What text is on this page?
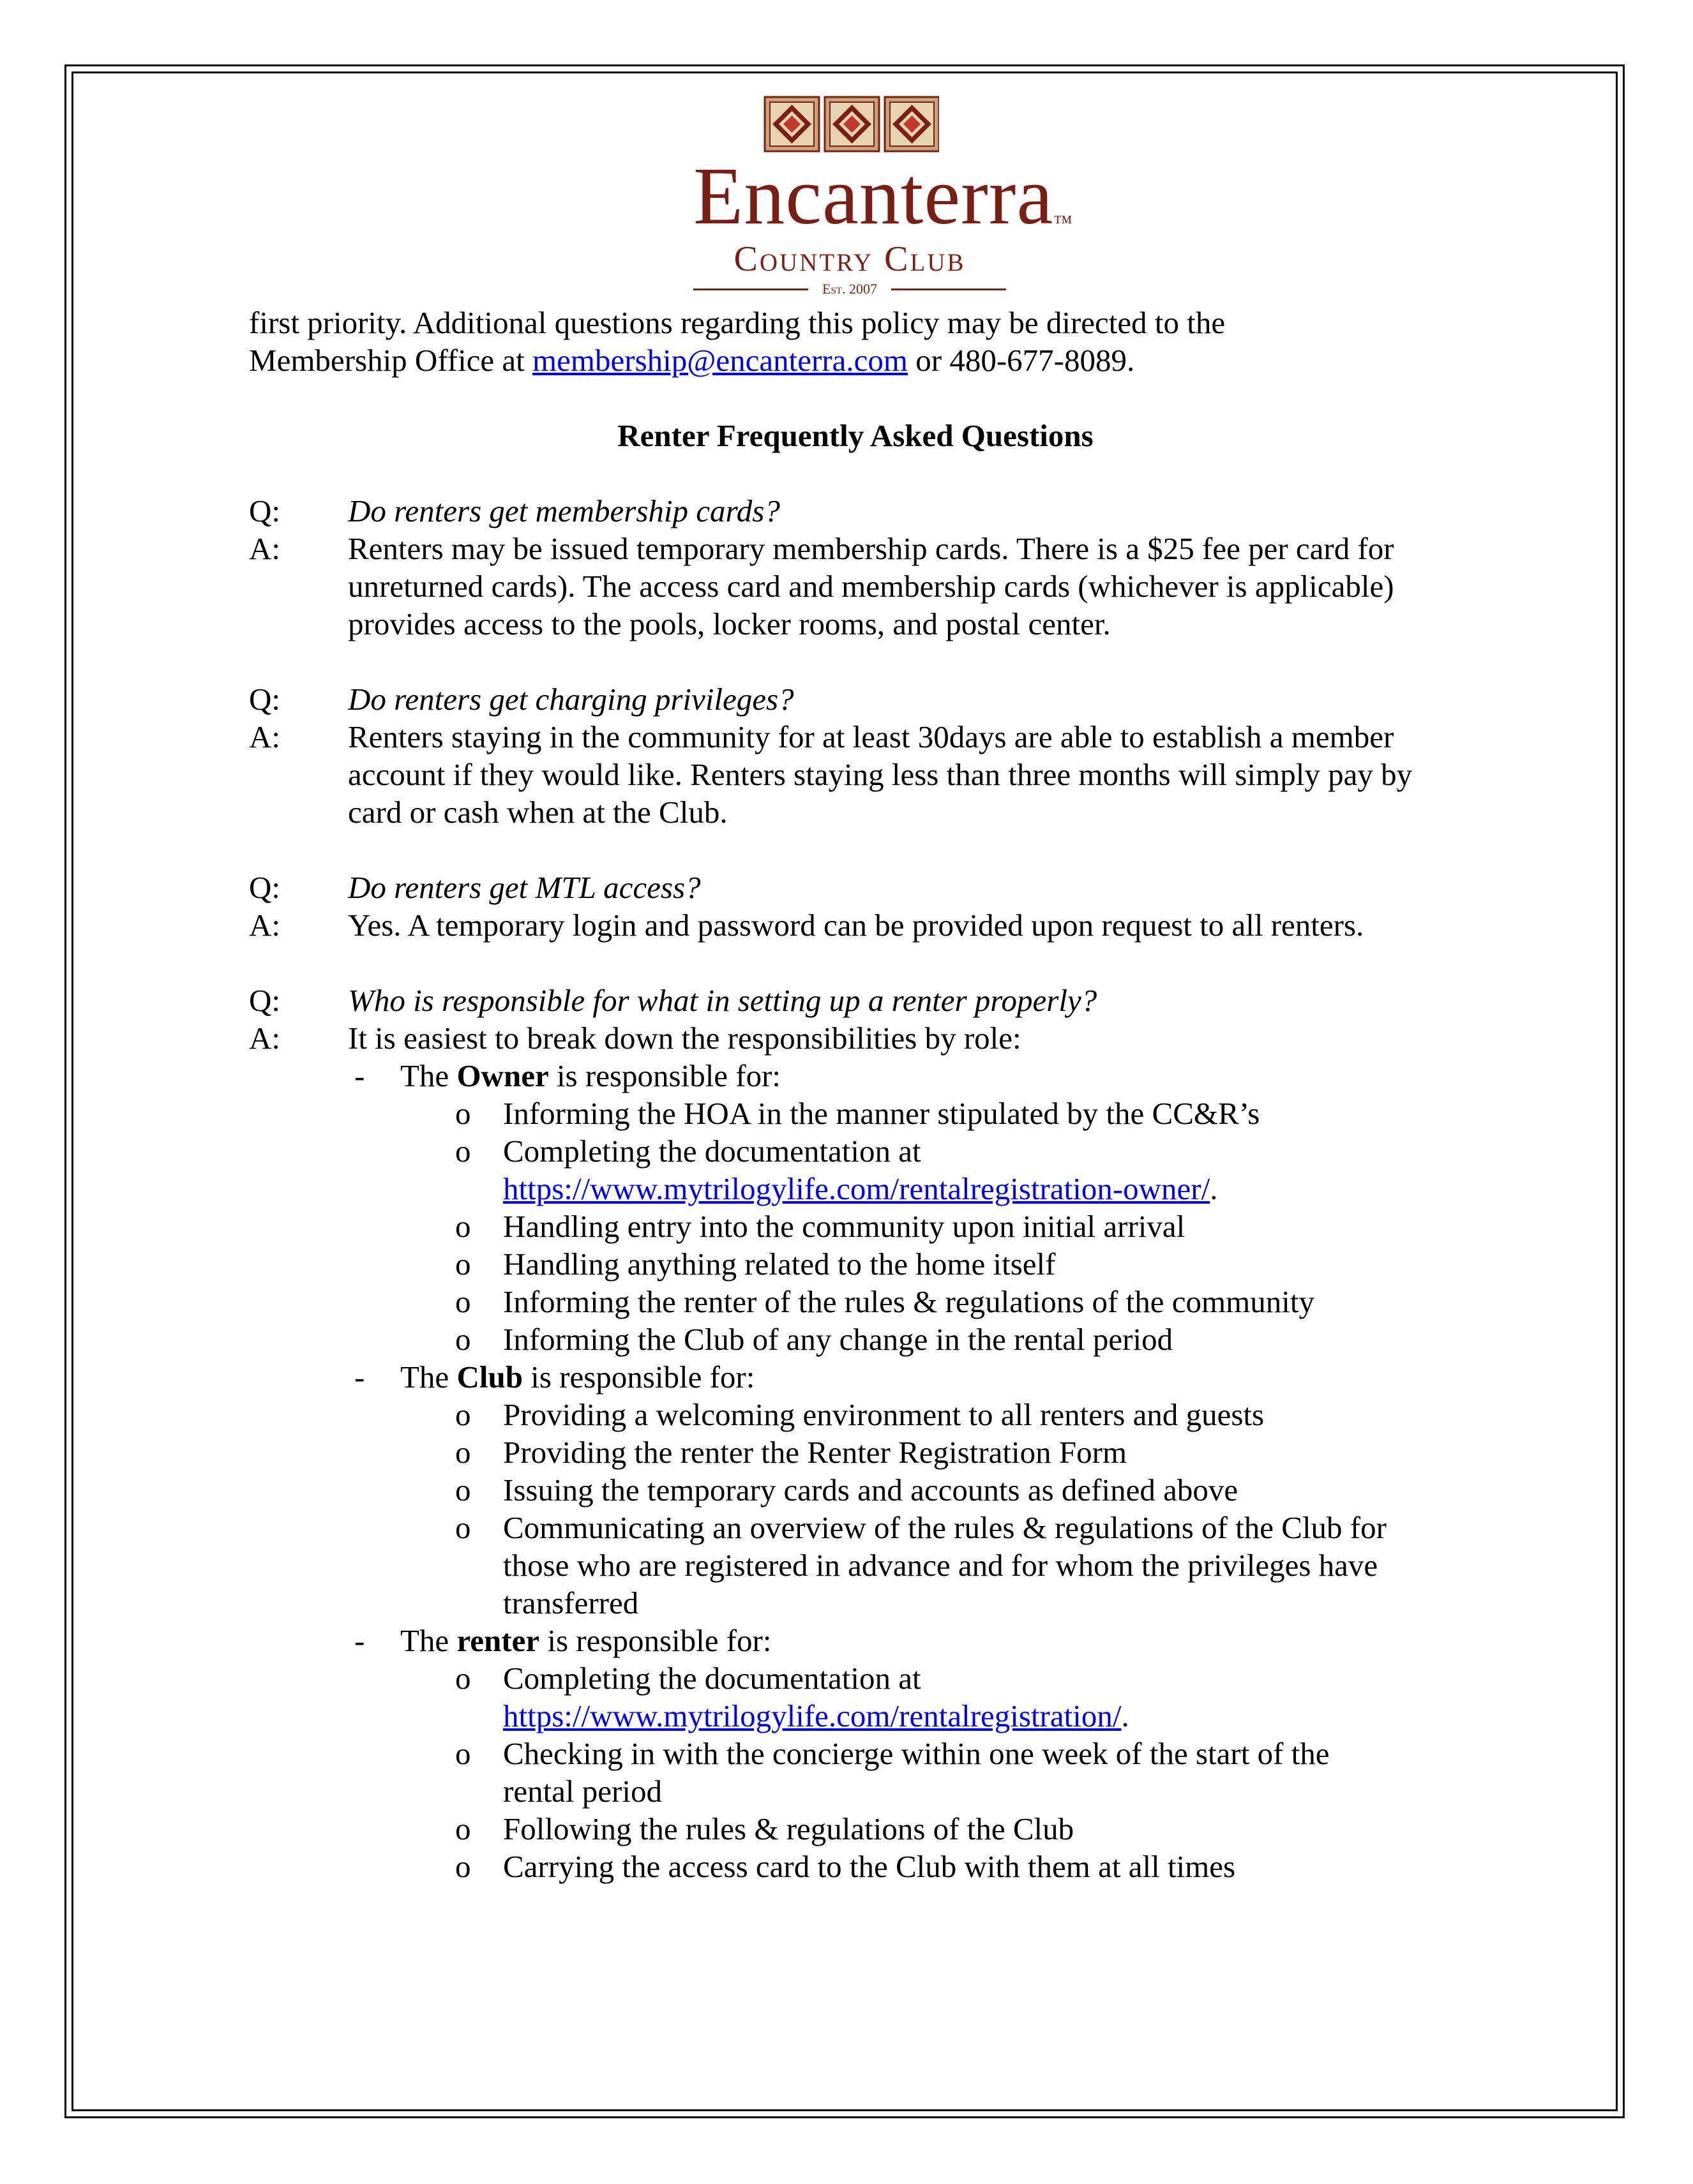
Encanterra™
Country Club
Est. 2007

first priority. Additional questions regarding this policy may be directed to the
Membership Office at membership@encanterra.com or 480-677-8089.

Renter Frequently Asked Questions

Q: Do renters get membership cards?
A: Renters may be issued temporary membership cards. There is a $25 fee per card for unreturned cards). The access card and membership cards (whichever is applicable) provides access to the pools, locker rooms, and postal center.
Q: Do renters get charging privileges?
A: Renters staying in the community for at least 30days are able to establish a member account if they would like. Renters staying less than three months will simply pay by card or cash when at the Club.
Q: Do renters get MTL access?
A: Yes. A temporary login and password can be provided upon request to all renters.
Q: Who is responsible for what in setting up a renter properly?
A: It is easiest to break down the responsibilities by role:
- The Owner is responsible for:
o Informing the HOA in the manner stipulated by the CC&R’s
o Completing the documentation at
https://www.mytrilogylife.com/rentalregistration-owner/.
o Handling entry into the community upon initial arrival
o Handling anything related to the home itself
o Informing the renter of the rules & regulations of the community
o Informing the Club of any change in the rental period
- The Club is responsible for:
o Providing a welcoming environment to all renters and guests
o Providing the renter the Renter Registration Form
o Issuing the temporary cards and accounts as defined above
o Communicating an overview of the rules & regulations of the Club for those who are registered in advance and for whom the privileges have transferred
- The renter is responsible for:
o Completing the documentation at
https://www.mytrilogylife.com/rentalregistration/.
o Checking in with the concierge within one week of the start of the rental period
o Following the rules & regulations of the Club
o Carrying the access card to the Club with them at all times
